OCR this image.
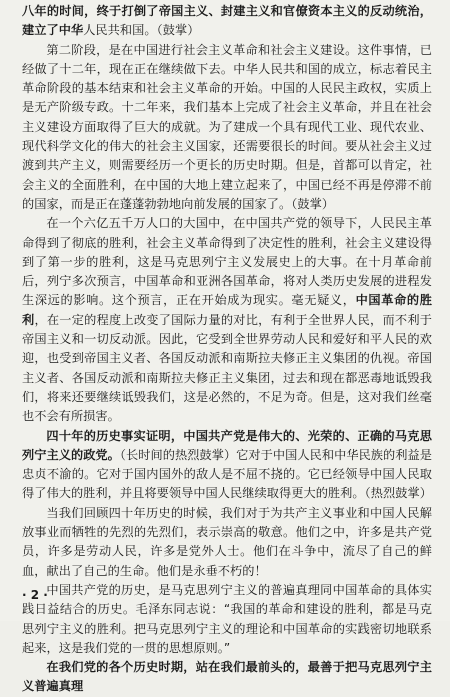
八年的时间，终于打倒了帝国主义、封建主义和官僚资本主义的反动统治，建立了中华人民共和国。（鼓掌）

第二阶段，是在中国进行社会主义革命和社会主义建设。这件事情，已经做了十二年，现在正在继续做下去。中华人民共和国的成立，标志着民主革命阶段的基本结束和社会主义革命的开始。中国的人民民主政权，实质上是无产阶级专政。十二年来，我们基本上完成了社会主义革命，并且在社会主义建设方面取得了巨大的成就。为了建成一个具有现代工业、现代农业、现代科学文化的伟大的社会主义国家，还需要很长的时间。要从社会主义过渡到共产主义，则需要经历一个更长的历史时期。但是，首都可以肯定，社会主义的全面胜利，在中国的大地上建立起来了，中国已经不再是停滞不前的国家，而是正在蓬蓬勃勃地向前发展的国家了。（鼓掌）

在一个六亿五千万人口的大国中，在中国共产党的领导下，人民民主革命得到了彻底的胜利，社会主义革命得到了决定性的胜利，社会主义建设得到了第一步的胜利，这是马克思列宁主义发展史上的大事。在十月革命前后，列宁多次预言，中国革命和亚洲各国革命，将对人类历史发展的进程发生深远的影响。这个预言，正在开始成为现实。毫无疑义，中国革命的胜利，在一定的程度上改变了国际力量的对比，有利于全世界人民，而不利于帝国主义和一切反动派。因此，它受到全世界劳动人民和爱好和平人民的欢迎，也受到帝国主义者、各国反动派和南斯拉夫修正主义集团的仇视。帝国主义者、各国反动派和南斯拉夫修正主义集团，过去和现在都恶毒地诋毁我们，将来还要继续诋毁我们，这是必然的，不足为奇。但是，这对我们丝毫也不会有所损害。

四十年的历史事实证明，中国共产党是伟大的、光荣的、正确的马克思列宁主义的政党。（长时间的热烈鼓掌）它对于中国人民和中华民族的利益是忠贞不渝的。它对于国内国外的敌人是不屈不挠的。它已经领导中国人民取得了伟大的胜利，并且将要领导中国人民继续取得更大的胜利。（热烈鼓掌）

当我们回顾四十年历史的时候，我们对于为共产主义事业和中国人民解放事业而牺牲的先烈的先烈们，表示崇高的敬意。他们之中，许多是共产党员，许多是劳动人民，许多是党外人士。他们在斗争中，流尽了自己的鲜血，献出了自己的生命。他们是永垂不朽的！

中国共产党的历史，是马克思列宁主义的普遍真理同中国革命的具体实践日益结合的历史。毛泽东同志说：“我国的革命和建设的胜利，都是马克思列宁主义的胜利。把马克思列宁主义的理论和中国革命的实践密切地联系起来，这是我们党的一贯的思想原则。”

在我们党的各个历史时期，站在我们最前头的，最善于把马克思列宁主义普遍真理

· 2 ·
